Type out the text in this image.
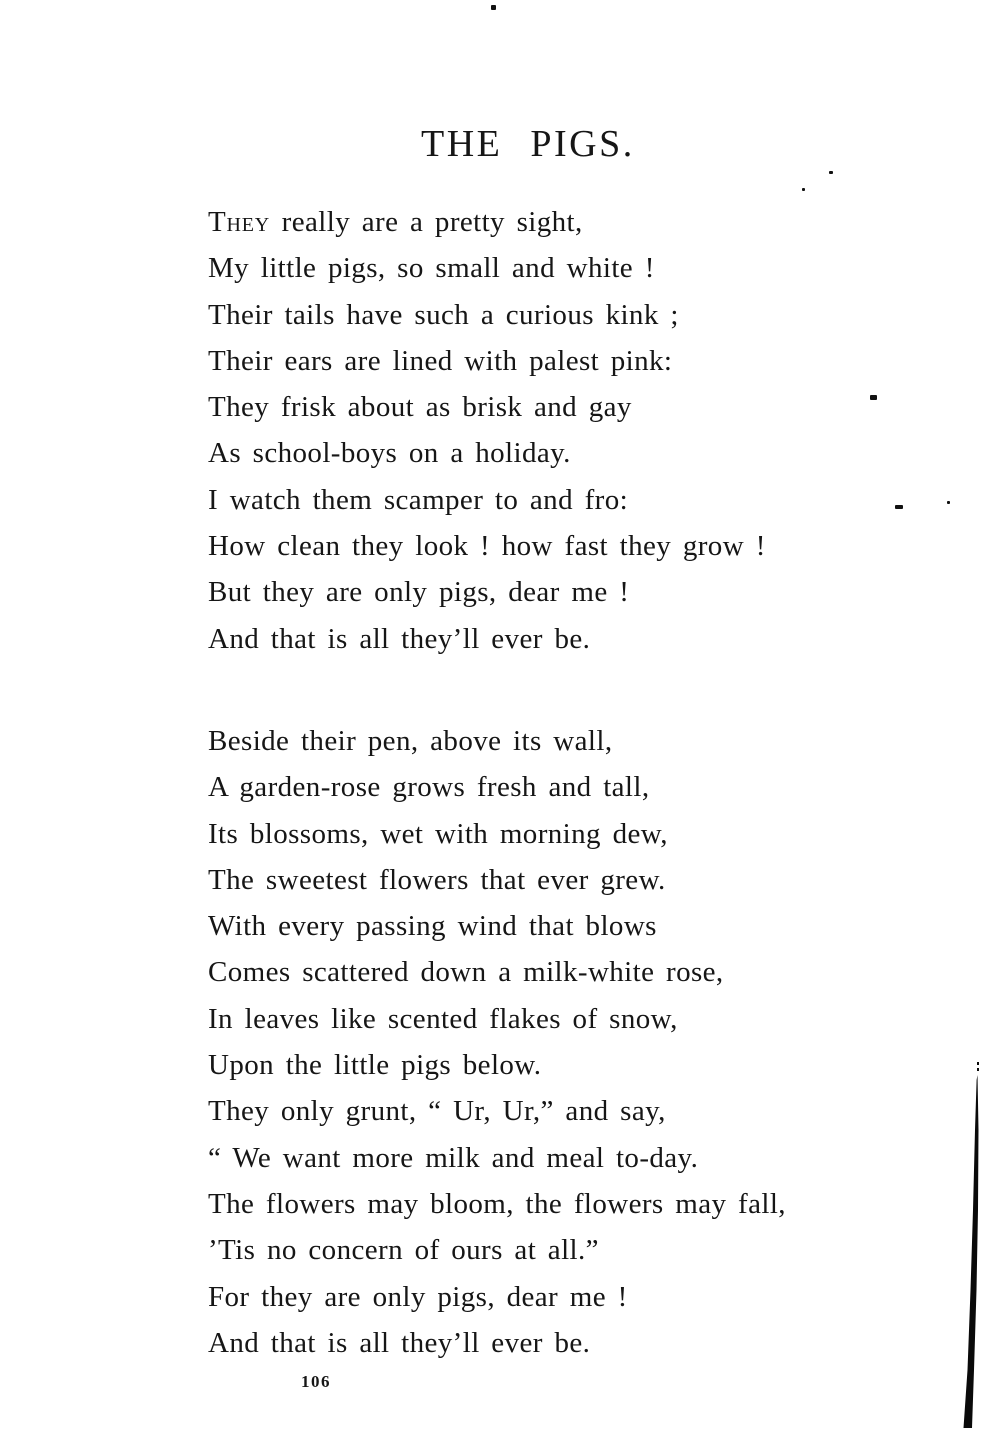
THE PIGS.
They really are a pretty sight,
My little pigs, so small and white !
Their tails have such a curious kink ;
Their ears are lined with palest pink:
They frisk about as brisk and gay
As school-boys on a holiday.
I watch them scamper to and fro:
How clean they look ! how fast they grow !
But they are only pigs, dear me !
And that is all they’ll ever be.
Beside their pen, above its wall,
A garden-rose grows fresh and tall,
Its blossoms, wet with morning dew,
The sweetest flowers that ever grew.
With every passing wind that blows
Comes scattered down a milk-white rose,
In leaves like scented flakes of snow,
Upon the little pigs below.
They only grunt, “ Ur, Ur,” and say,
“ We want more milk and meal to-day.
The flowers may bloom, the flowers may fall,
’Tis no concern of ours at all.”
For they are only pigs, dear me !
And that is all they’ll ever be.
106
